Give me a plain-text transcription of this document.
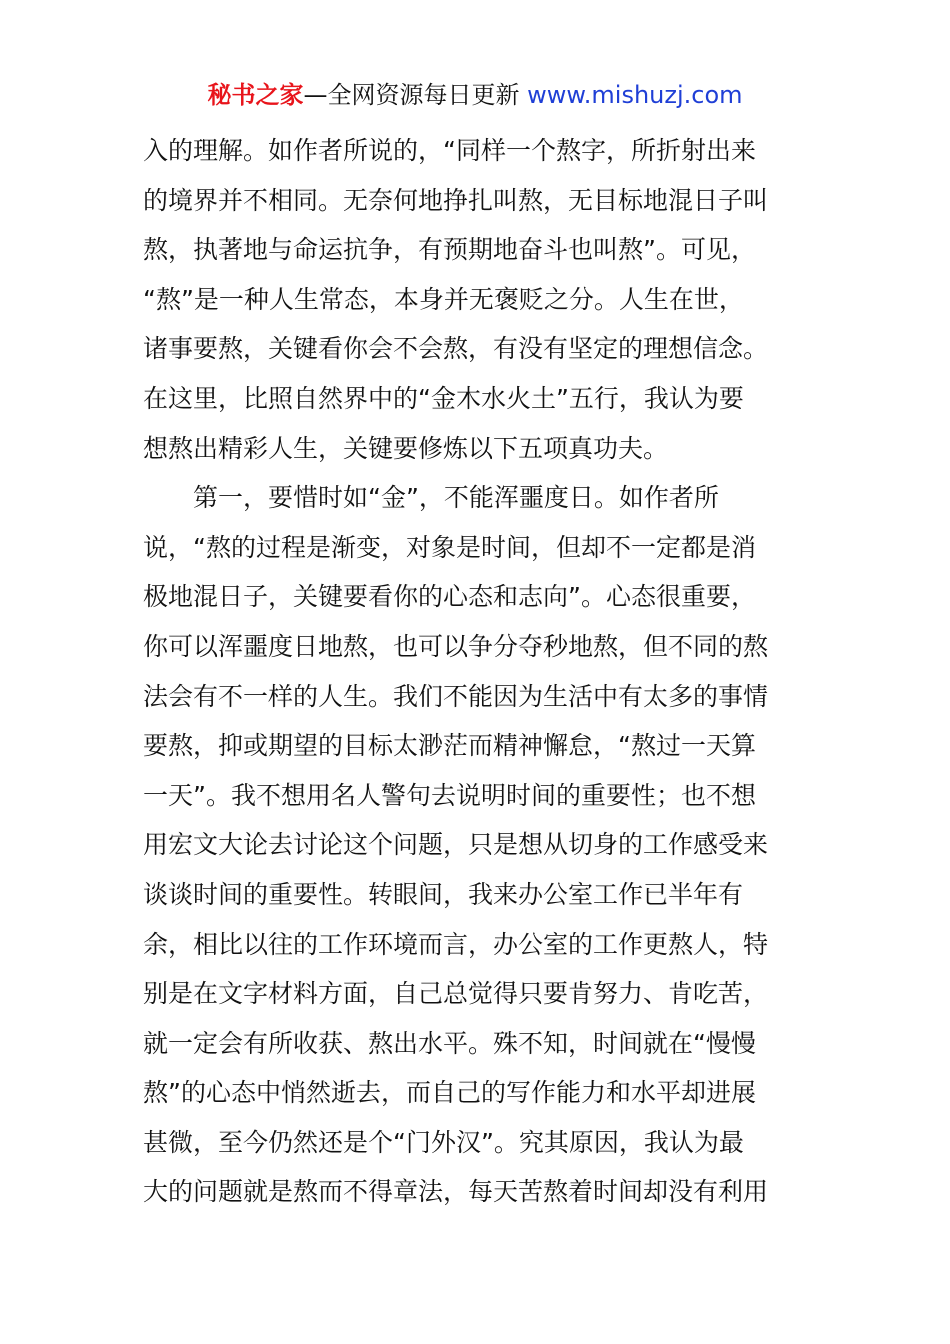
秘书之家—全网资源每日更新 www.mishuzj.com
入的理解。如作者所说的，“同样一个熬字，所折射出来
的境界并不相同。无奈何地挣扎叫熬，无目标地混日子叫
熬，执著地与命运抗争，有预期地奋斗也叫熬”。可见，
“熬”是一种人生常态，本身并无褒贬之分。人生在世，
诸事要熬，关键看你会不会熬，有没有坚定的理想信念。
在这里，比照自然界中的“金木水火土”五行，我认为要
想熬出精彩人生，关键要修炼以下五项真功夫。
第一，要惜时如“金”，不能浑噩度日。如作者所
说，“熬的过程是渐变，对象是时间，但却不一定都是消
极地混日子，关键要看你的心态和志向”。心态很重要，
你可以浑噩度日地熬，也可以争分夺秒地熬，但不同的熬
法会有不一样的人生。我们不能因为生活中有太多的事情
要熬，抑或期望的目标太渺茫而精神懈怠，“熬过一天算
一天”。我不想用名人警句去说明时间的重要性；也不想
用宏文大论去讨论这个问题，只是想从切身的工作感受来
谈谈时间的重要性。转眼间，我来办公室工作已半年有
余，相比以往的工作环境而言，办公室的工作更熬人，特
别是在文字材料方面，自己总觉得只要肯努力、肯吃苦，
就一定会有所收获、熬出水平。殊不知，时间就在“慢慢
熬”的心态中悄然逝去，而自己的写作能力和水平却进展
甚微，至今仍然还是个“门外汉”。究其原因，我认为最
大的问题就是熬而不得章法，每天苦熬着时间却没有利用
